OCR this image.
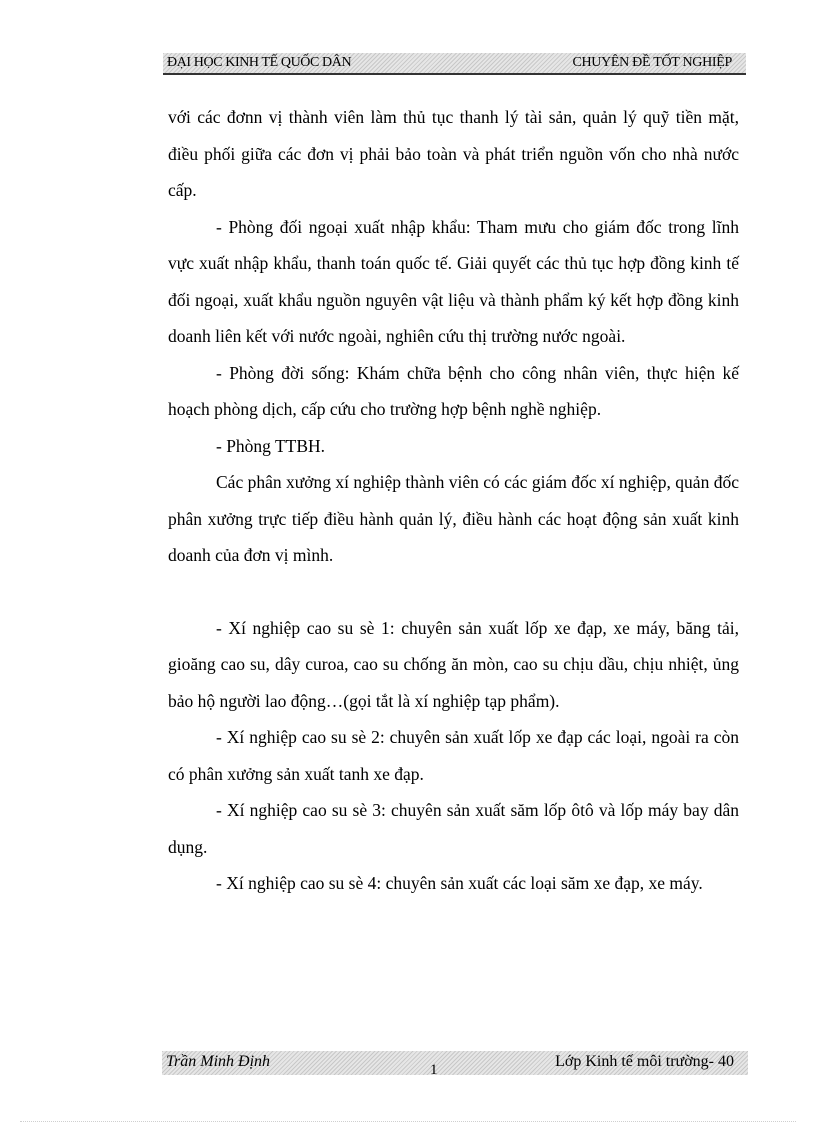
ĐẠI HỌC KINH TẾ QUỐC DÂN	CHUYÊN ĐỀ TỐT NGHIỆP

với các đơnn vị thành viên làm thủ tục thanh lý tài sản, quản lý quỹ tiền mặt, điều phối giữa các đơn vị phải bảo toàn và phát triển nguồn vốn cho nhà nước cấp.

- Phòng đối ngoại xuất nhập khẩu: Tham mưu cho giám đốc trong lĩnh vực xuất nhập khẩu, thanh toán quốc tế. Giải quyết các thủ tục hợp đồng kinh tế đối ngoại, xuất khẩu nguồn nguyên vật liệu và thành phẩm ký kết hợp đồng kinh doanh liên kết với nước ngoài, nghiên cứu thị trường nước ngoài.

- Phòng đời sống: Khám chữa bệnh cho công nhân viên, thực hiện kế hoạch phòng dịch, cấp cứu cho trường hợp bệnh nghề nghiệp.

- Phòng TTBH.

Các phân xưởng xí nghiệp thành viên có các giám đốc xí nghiệp, quản đốc phân xưởng trực tiếp điều hành quản lý, điều hành các hoạt động sản xuất kinh doanh của đơn vị mình.

- Xí nghiệp cao su sè 1: chuyên sản xuất lốp xe đạp, xe máy, băng tải, gioăng cao su, dây curoa, cao su chống ăn mòn, cao su chịu dầu, chịu nhiệt, ủng bảo hộ người lao động…(gọi tắt là xí nghiệp tạp phẩm).

- Xí nghiệp cao su sè 2: chuyên sản xuất lốp xe đạp các loại, ngoài ra còn có phân xưởng sản xuất tanh xe đạp.

- Xí nghiệp cao su sè 3: chuyên sản xuất săm lốp ôtô và lốp máy bay dân dụng.

- Xí nghiệp cao su sè 4: chuyên sản xuất các loại săm xe đạp, xe máy.

Trần Minh Định	1	Lớp Kinh tế môi trường- 40
